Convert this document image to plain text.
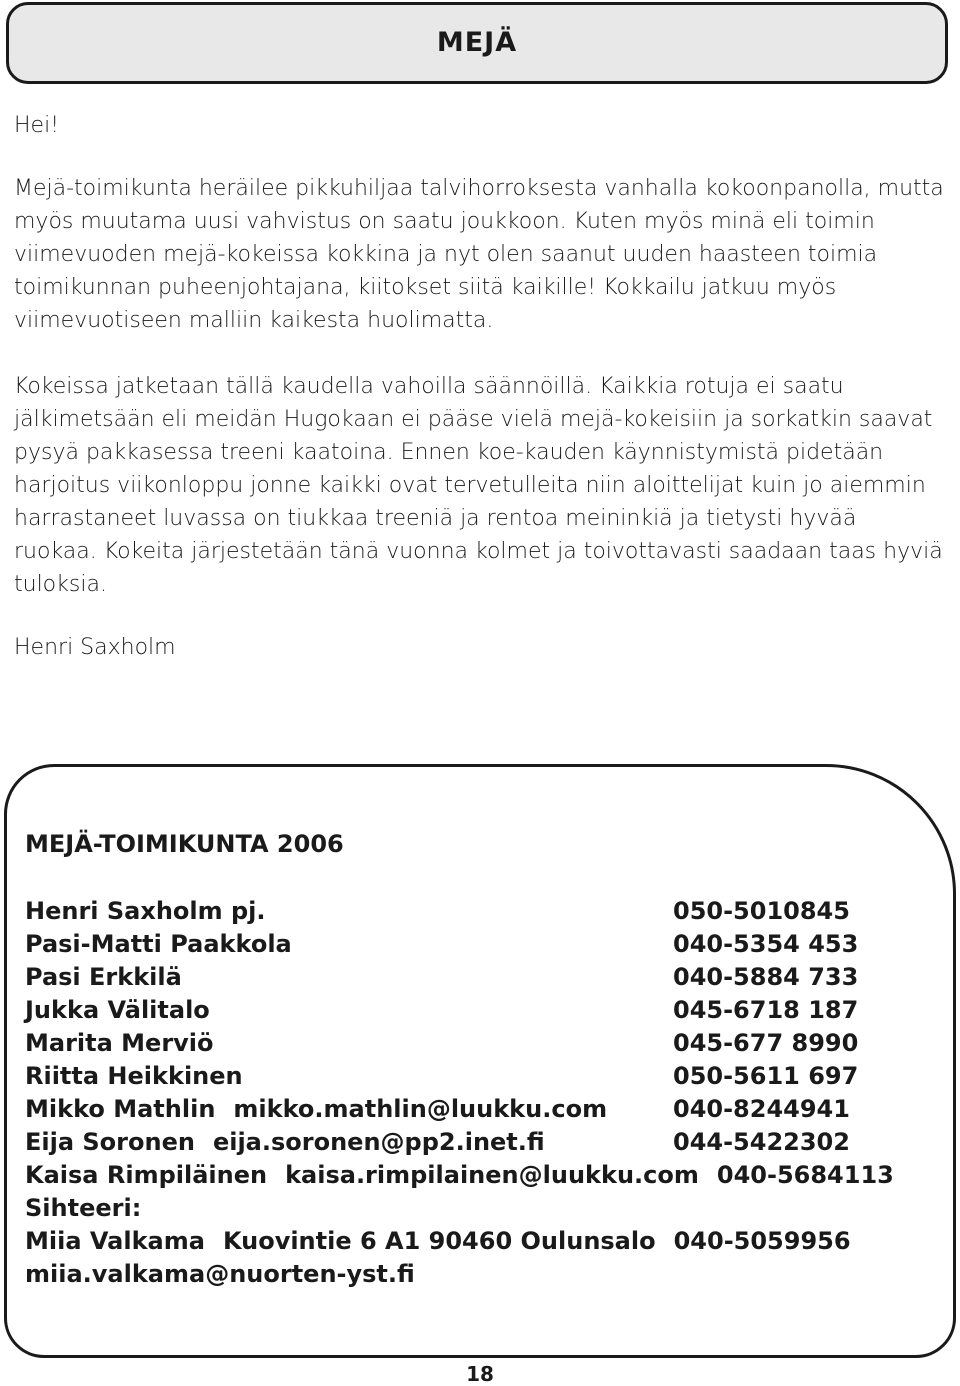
MEJÄ
Hei!

Mejä-toimikunta heräilee pikkuhiljaa talvihorroksesta vanhalla kokoonpanolla, mutta myös muutama uusi vahvistus on saatu joukkoon. Kuten myös minä eli toimin viimevuoden mejä-kokeissa kokkina ja nyt olen saanut uuden haasteen toimia toimikunnan puheenjohtajana, kiitokset siitä kaikille! Kokkailu jatkuu myös viimevuotiseen malliin kaikesta huolimatta.

Kokeissa jatketaan tällä kaudella vahoilla säännöillä. Kaikkia rotuja ei saatu jälkimetsään eli meidän Hugokaan ei pääse vielä mejä-kokeisiin ja sorkatkin saavat pysyä pakkasessa treeni kaatoina. Ennen koe-kauden käynnistymistä pidetään harjoitus viikonloppu jonne kaikki ovat tervetulleita niin aloittelijat kuin jo aiemmin harrastaneet luvassa on tiukkaa treeniä ja rentoa meininkiä ja tietysti hyvää ruokaa. Kokeita järjestetään tänä vuonna kolmet ja toivottavasti saadaan taas hyviä tuloksia.

Henri Saxholm
MEJÄ-TOIMIKUNTA 2006
Henri Saxholm pj.	050-5010845
Pasi-Matti Paakkola	040-5354 453
Pasi Erkkilä	040-5884 733
Jukka Välitalo	045-6718 187
Marita Merviö	045-677 8990
Riitta Heikkinen	050-5611 697
Mikko Mathlin mikko.mathlin@luukku.com	040-8244941
Eija Soronen eija.soronen@pp2.inet.fi	044-5422302
Kaisa Rimpiläinen kaisa.rimpilainen@luukku.com 040-5684113
Sihteeri:
Miia Valkama Kuovintie 6 A1 90460 Oulunsalo 040-5059956
miia.valkama@nuorten-yst.fi
18
